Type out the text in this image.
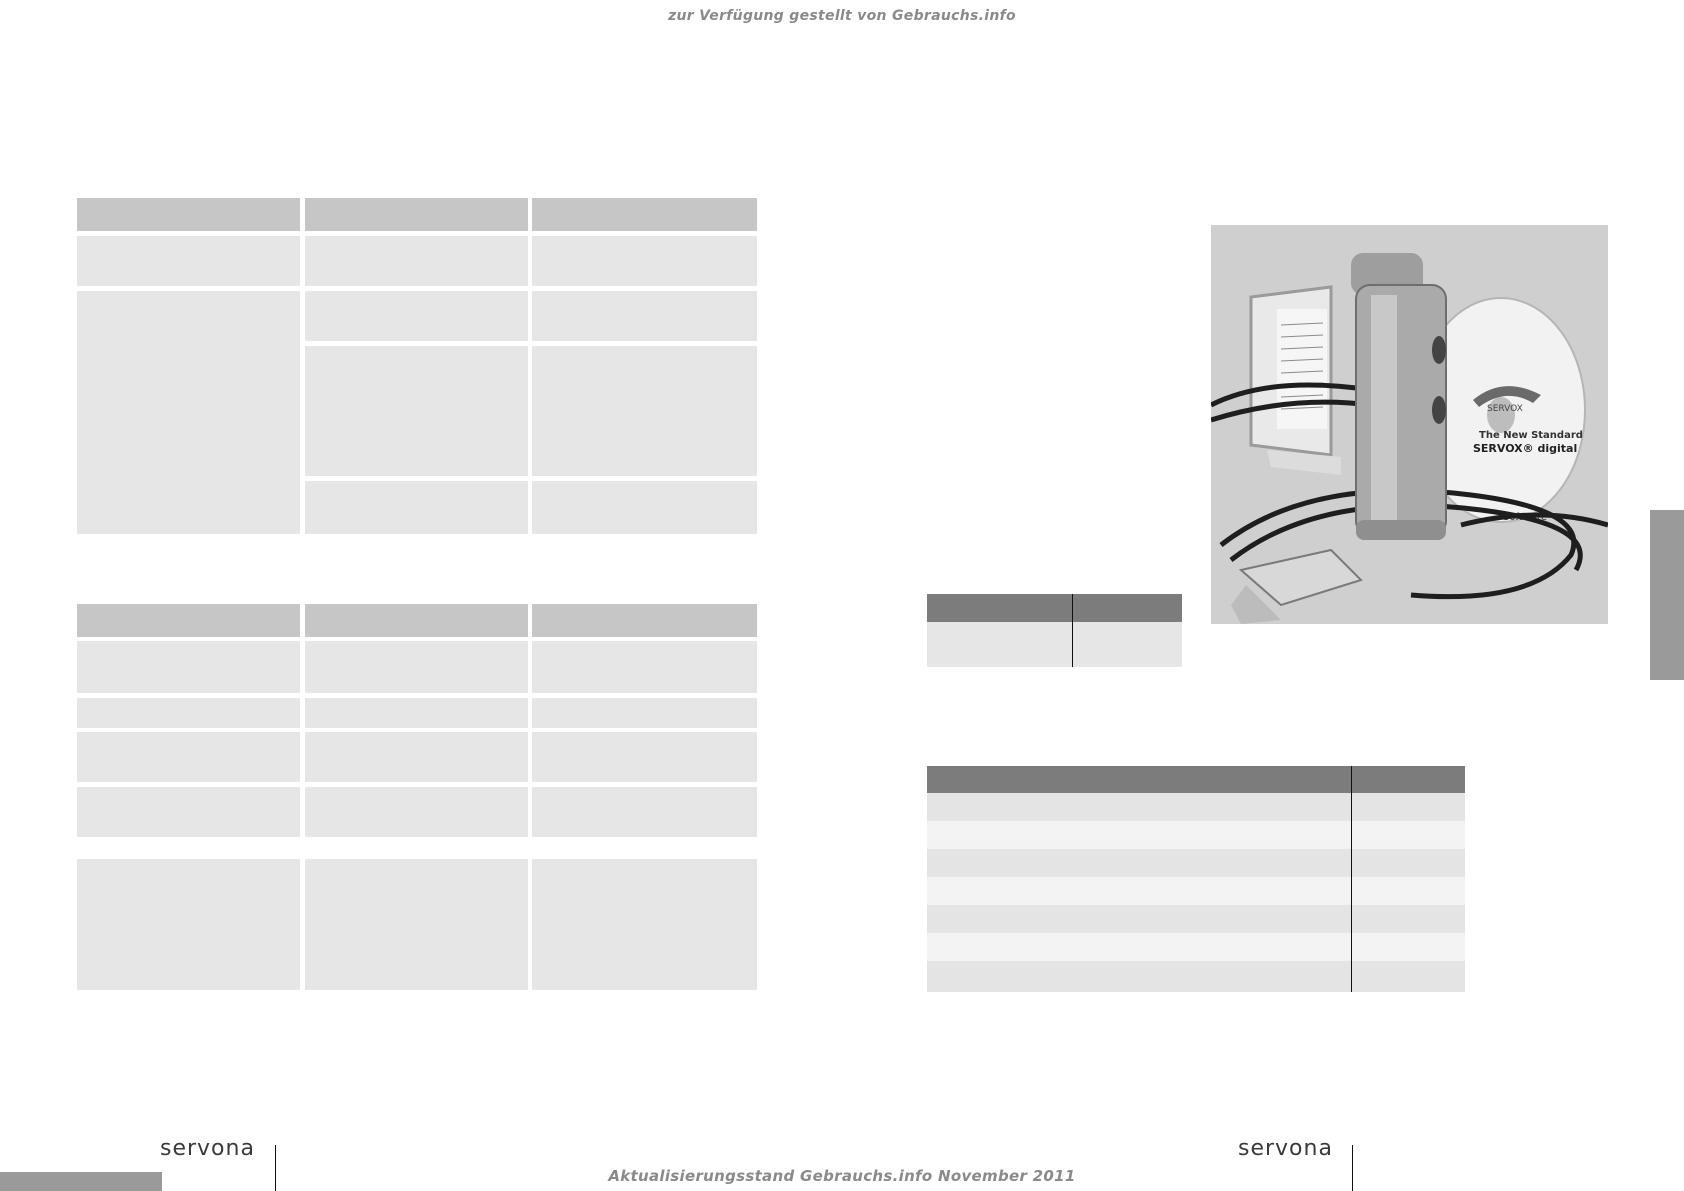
zur Verfügung gestellt von Gebrauchs.info
SERVOX
The New Standard
SERVOX® digital
Software
servona	servona
Aktualisierungsstand Gebrauchs.info November 2011
